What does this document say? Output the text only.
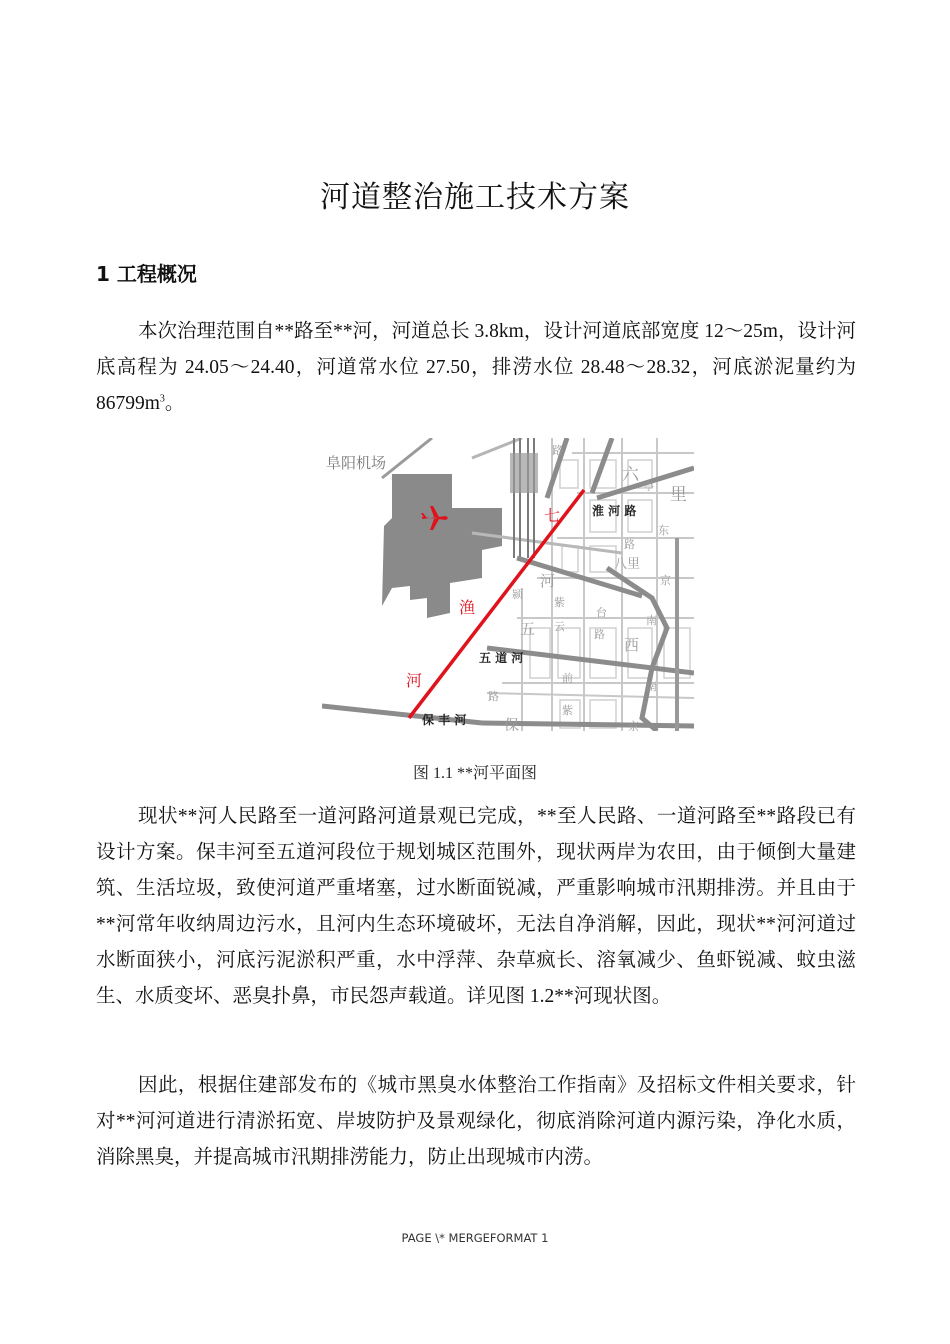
河道整治施工技术方案
1 工程概况
本次治理范围自**路至**河，河道总长 3.8km，设计河道底部宽度 12～25m，设计河底高程为 24.05～24.40，河道常水位 27.50，排涝水位 28.48～28.32，河底淤泥量约为 $86799m^3$。
阜阳机场
七
渔
河
淮 河 路
五 道 河
保 丰 河
路
六
里
亭
东
路
八里
京
河
颍
紫
台
五 云
路
西
南
前
南
路
紫
保	京
图 1.1 **河平面图
现状**河人民路至一道河路河道景观已完成，**至人民路、一道河路至**路段已有设计方案。保丰河至五道河段位于规划城区范围外，现状两岸为农田，由于倾倒大量建筑、生活垃圾，致使河道严重堵塞，过水断面锐减，严重影响城市汛期排涝。并且由于**河常年收纳周边污水，且河内生态环境破坏，无法自净消解，因此，现状**河河道过水断面狭小，河底污泥淤积严重，水中浮萍、杂草疯长、溶氧减少、鱼虾锐减、蚊虫滋生、水质变坏、恶臭扑鼻，市民怨声载道。详见图 1.2**河现状图。
因此，根据住建部发布的《城市黑臭水体整治工作指南》及招标文件相关要求，针对**河河道进行清淤拓宽、岸坡防护及景观绿化，彻底消除河道内源污染，净化水质，消除黑臭，并提高城市汛期排涝能力，防止出现城市内涝。
PAGE \* MERGEFORMAT 1
